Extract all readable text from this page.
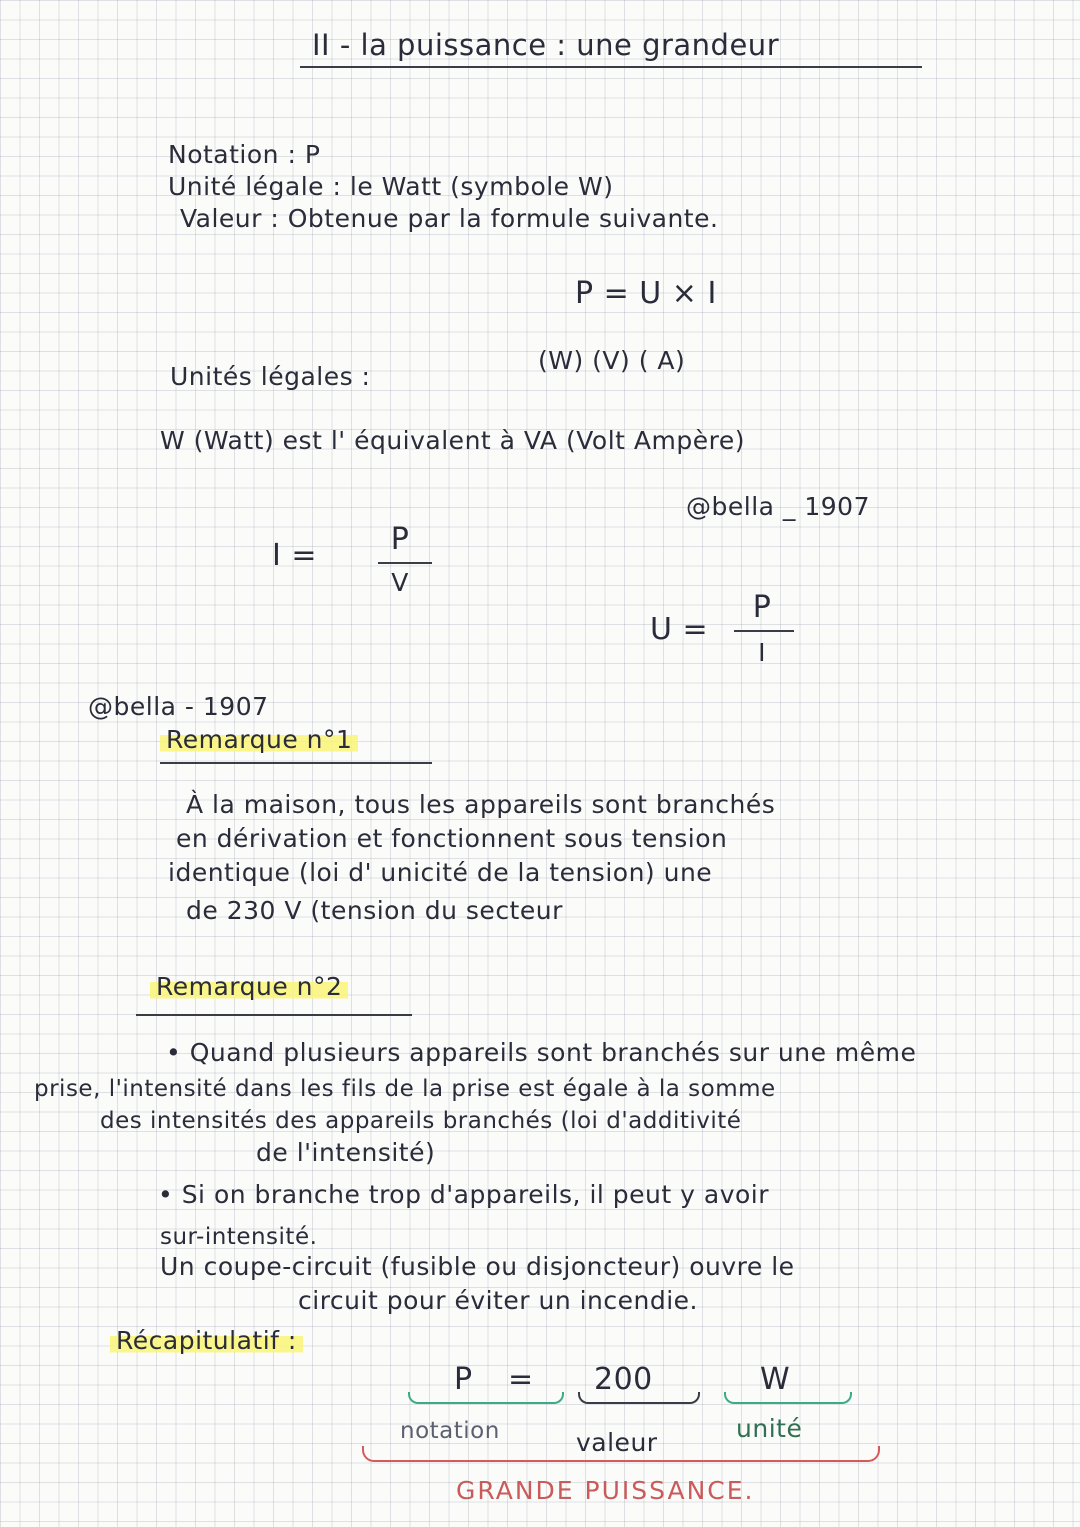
II - la puissance : une grandeur
Notation : P
Unité légale : le Watt (symbole W)
Valeur : Obtenue par la formule suivante.
P = U × I
Unités légales :
(W) (V) ( A)
W (Watt) est l' équivalent à VA (Volt Ampère)
@bella _ 1907
I =	P
V
U =
P
I
@bella - 1907
Remarque n°1
À la maison, tous les appareils sont branchés
en dérivation et fonctionnent sous tension
identique (loi d' unicité de la tension) une
de 230 V (tension du secteur
Remarque n°2
• Quand plusieurs appareils sont branchés sur une même
prise, l'intensité dans les fils de la prise est égale à la somme
des intensités des appareils branchés (loi d'additivité
de l'intensité)
• Si on branche trop d'appareils, il peut y avoir
sur-intensité.
Un coupe-circuit (fusible ou disjoncteur) ouvre le
circuit pour éviter un incendie.
Récapitulatif :
P = 200	W
notation	valeur	unité
GRANDE PUISSANCE.
